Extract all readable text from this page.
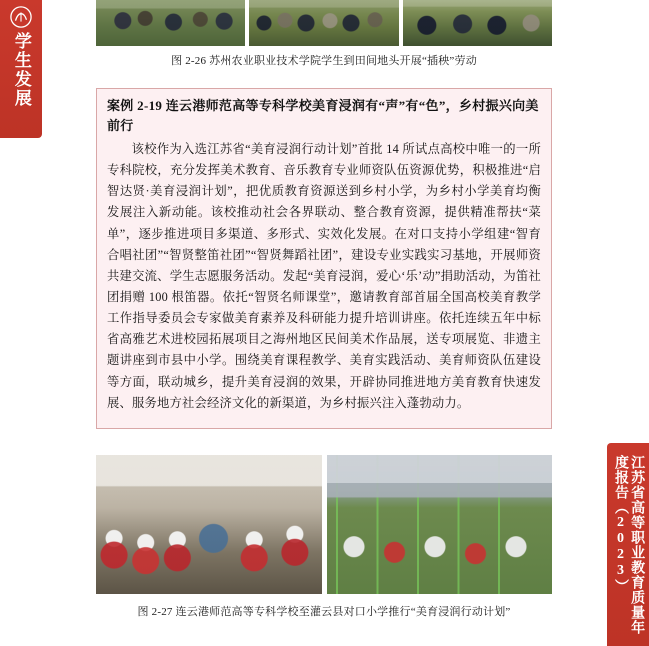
学生发展
江苏省高等职业教育质量年度报告（2023）
图 2-26 苏州农业职业技术学院学生到田间地头开展“插秧”劳动
案例 2-19 连云港师范高等专科学校美育浸润有“声”有“色”，乡村振兴向美前行
该校作为入选江苏省“美育浸润行动计划”首批 14 所试点高校中唯一的一所专科院校，充分发挥美术教育、音乐教育专业师资队伍资源优势，积极推进“启智达贤·美育浸润计划”，把优质教育资源送到乡村小学，为乡村小学美育均衡发展注入新动能。该校推动社会各界联动、整合教育资源，提供精准帮扶“菜单”，逐步推进项目多渠道、多形式、实效化发展。在对口支持小学组建“智育合唱社团”“智贤整笛社团”“智贤舞蹈社团”，建设专业实践实习基地，开展师资共建交流、学生志愿服务活动。发起“美育浸润，爱心‘乐’动”捐助活动，为笛社团捐赠 100 根笛器。依托“智贤名师课堂”，邀请教育部首届全国高校美育教学工作指导委员会专家做美育素养及科研能力提升培训讲座。依托连续五年中标省高雅艺术进校园拓展项目之海州地区民间美术作品展，送专项展览、非遗主题讲座到市县中小学。围绕美育课程教学、美育实践活动、美育师资队伍建设等方面，联动城乡，提升美育浸润的效果，开辟协同推进地方美育教育快速发展、服务地方社会经济文化的新渠道，为乡村振兴注入蓬勃动力。
图 2-27 连云港师范高等专科学校至灌云县对口小学推行“美育浸润行动计划”
